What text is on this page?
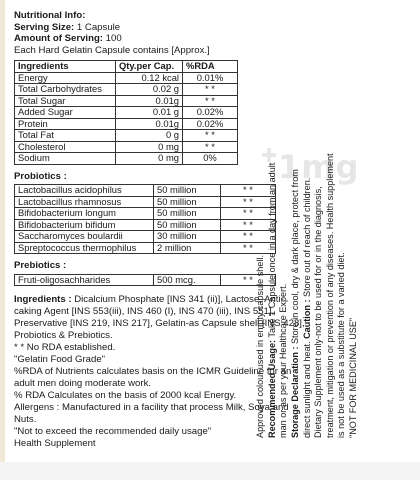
1mg
Nutritional Info:
Serving Size: 1 Capsule
Amount of Serving: 100
Each Hard Gelatin Capsule contains [Approx.]
Ingredients	Qty.per Cap.	%RDA
Energy	0.12 kcal	0.01%
Total Carbohydrates	0.02 g	* *
Total Sugar	0.01g	* *
Added Sugar	0.01 g	0.02%
Protein	0.01g	0.02%
Total Fat	0 g	* *
Cholesterol	0 mg	* *
Sodium	0 mg	0%
Probiotics :
Lactobacillus acidophilus	50 million	* *
Lactobacillus rhamnosus	50 million	* *
Bifidobacterium longum	50 million	* *
Bifidobacterium bifidum	50 million	* *
Saccharomyces boulardii	30 million	* *
Spreptococcus thermophilus	2 million	* *
Prebiotics :
Fruti-oligosachharides	500 mcg.	* *

Ingredients : Dicalcium Phosphate [INS 341 (ii)], Lactose, Anti-caking Agent [INS 553(iii), INS 460 (I), INS 470 (iii), INS 551], Preservative [INS 219, INS 217], Gelatin-as Capsule shell [INS 428], Probiotics & Prebiotics.

* * No RDA established.

"Gelatin Food Grade"

%RDA of Nutrients calculates basis on the ICMR Guideline for an adult men doing moderate work.

% RDA Calculates on the basis of 2000 kcal Energy.

Allergens : Manufactured in a facility that process Milk, Soya and Nuts.

"Not to exceed the recommended daily usage"

Health Supplement

Approved colour used in empty capsule shell. Recommended Usage: Take 1 Capsule once in a day from an adult

man or as per your Healthcare Expert. Storage Declaration : Store in cool, dry & dark place, protect from

direct sunlight and heat. Caution : Store out of reach of children. Dietary Supplement only-not to be used for or in the diagnosis, treatment, mitigation or prevention of any diseases. Health supplement is not be used as a substitute for a varied diet. "NOT FOR MEDICINAL USE"
